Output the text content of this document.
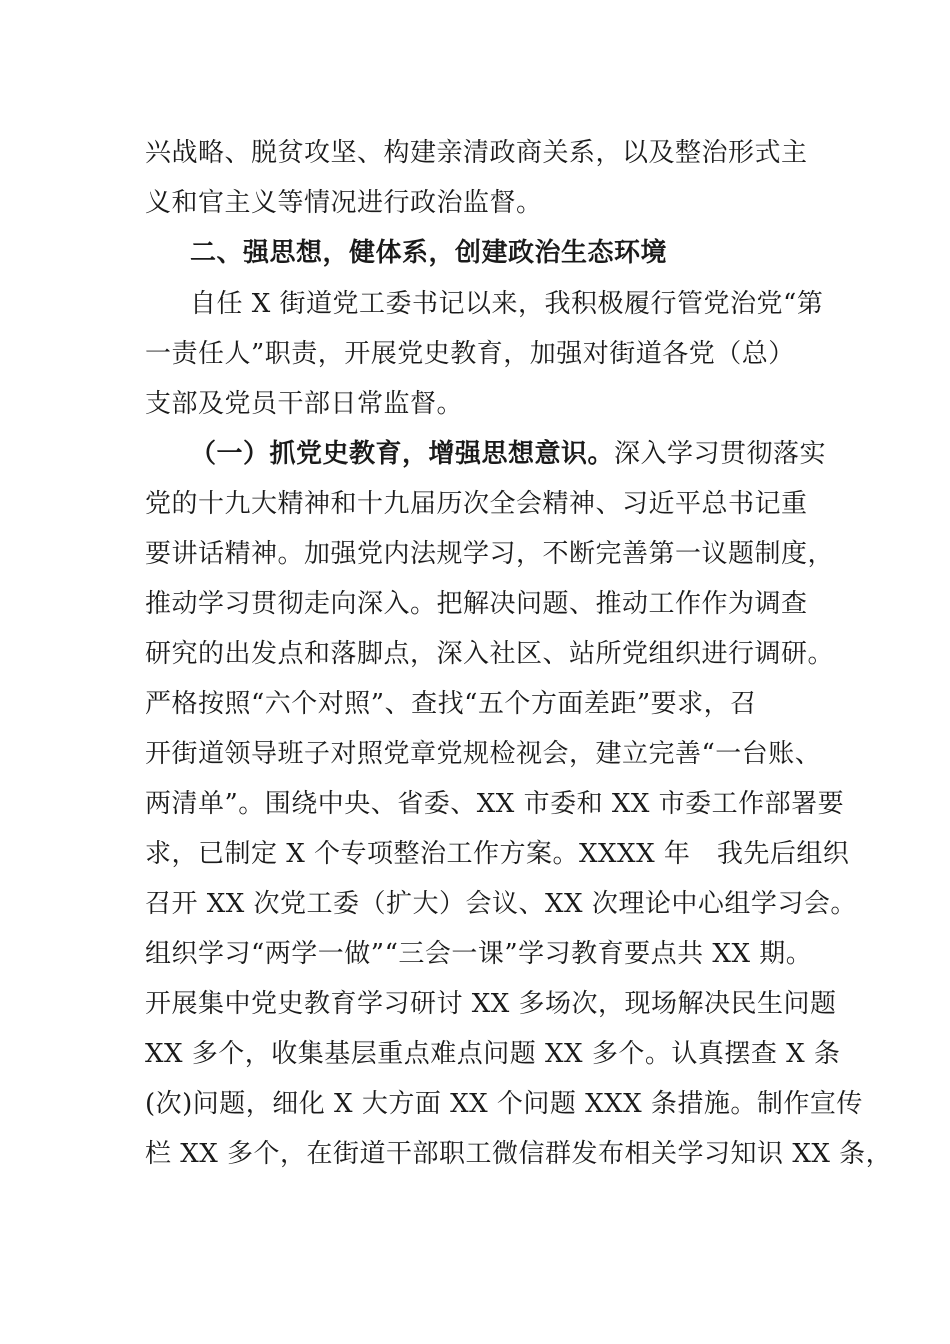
兴战略、脱贫攻坚、构建亲清政商关系，以及整治形式主
义和官主义等情况进行政治监督。
二、强思想，健体系，创建政治生态环境
自任 X 街道党工委书记以来，我积极履行管党治党“第
一责任人”职责，开展党史教育，加强对街道各党（总）
支部及党员干部日常监督。
（一）抓党史教育，增强思想意识。深入学习贯彻落实
党的十九大精神和十九届历次全会精神、习近平总书记重
要讲话精神。加强党内法规学习，不断完善第一议题制度，
推动学习贯彻走向深入。把解决问题、推动工作作为调查
研究的出发点和落脚点，深入社区、站所党组织进行调研。
严格按照“六个对照”、查找“五个方面差距”要求，召
开街道领导班子对照党章党规检视会，建立完善“一台账、
两清单”。围绕中央、省委、XX 市委和 XX 市委工作部署要
求，已制定 X 个专项整治工作方案。XXXX 年　我先后组织
召开 XX 次党工委（扩大）会议、XX 次理论中心组学习会。
组织学习“两学一做”“三会一课”学习教育要点共 XX 期。
开展集中党史教育学习研讨 XX 多场次，现场解决民生问题
XX 多个，收集基层重点难点问题 XX 多个。认真摆查 X 条
(次)问题，细化 X 大方面 XX 个问题 XXX 条措施。制作宣传
栏 XX 多个，在街道干部职工微信群发布相关学习知识 XX 条，
